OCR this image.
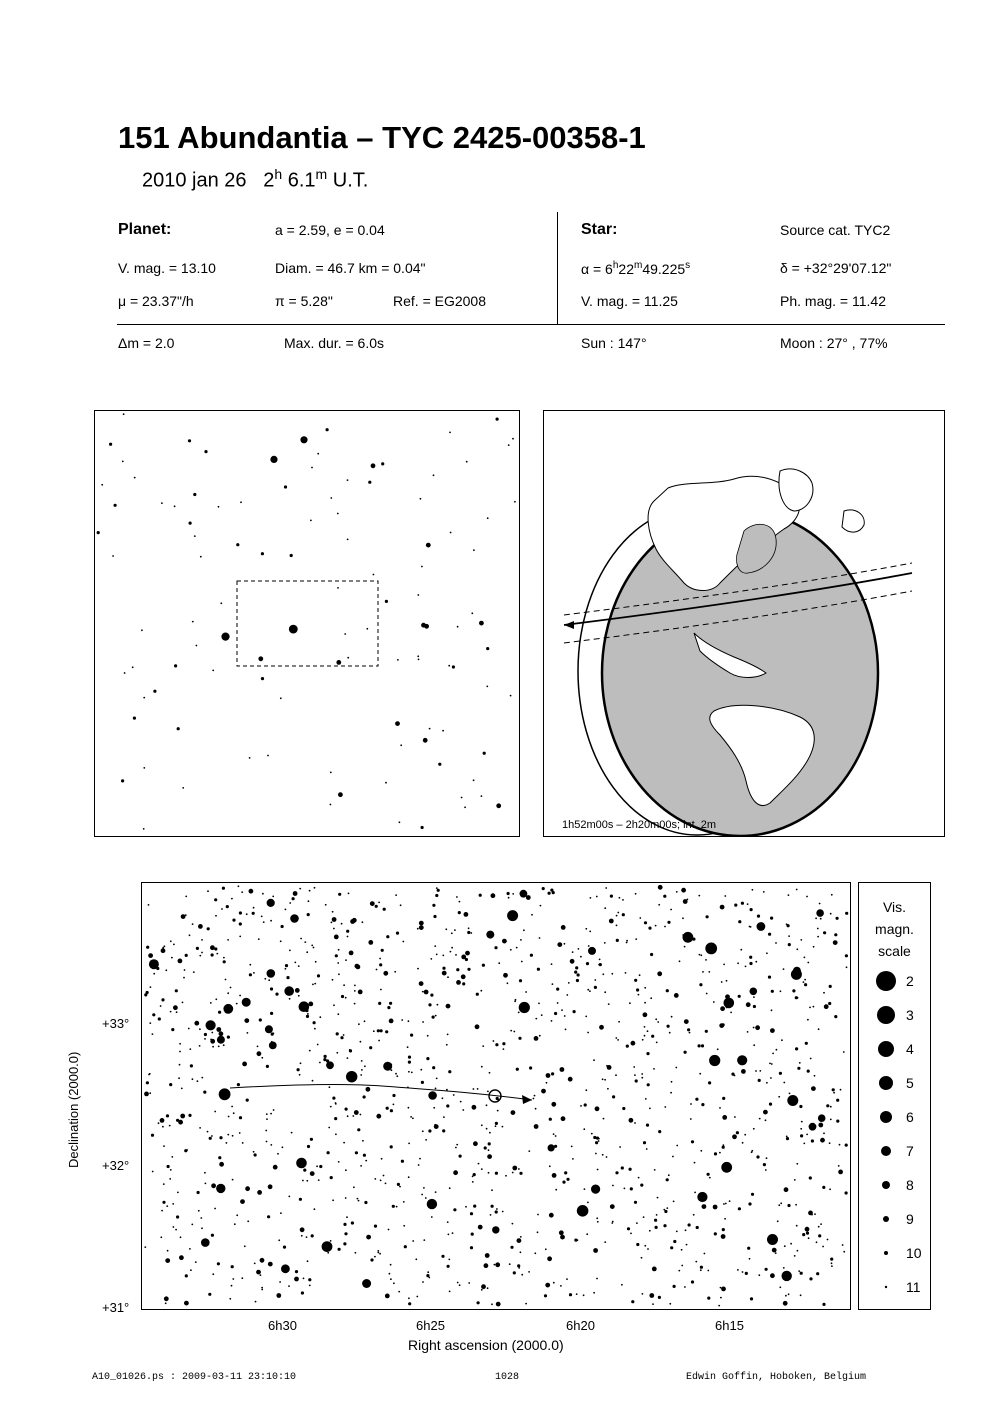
151 Abundantia – TYC 2425-00358-1
2010 jan 26 2$^h$ 6.1$^m$ U.T.
Planet:	a = 2.59, e = 0.04
V. mag. = 13.10	Diam. = 46.7 km = 0.04"
μ = 23.37"/h	π = 5.28"	Ref. = EG2008
Star:	Source cat. TYC2
$\alpha = 6^h22^m49.225^s$	δ = +32°29'07.12"
V. mag. = 11.25	Ph. mag. = 11.42
Δm = 2.0	Max. dur. = 6.0s	Sun : 147°	Moon : 27° , 77%
1h52m00s – 2h20m00s; int. 2m
+33°
+32°
+31°
Declination (2000.0)
6h30	6h25	6h20	6h15
Right ascension (2000.0)
Vis.
magn.
scale
2
3
4
5
6
7
8
9
10
11
A10_01026.ps : 2009-03-11 23:10:10	1028	Edwin Goffin, Hoboken, Belgium
